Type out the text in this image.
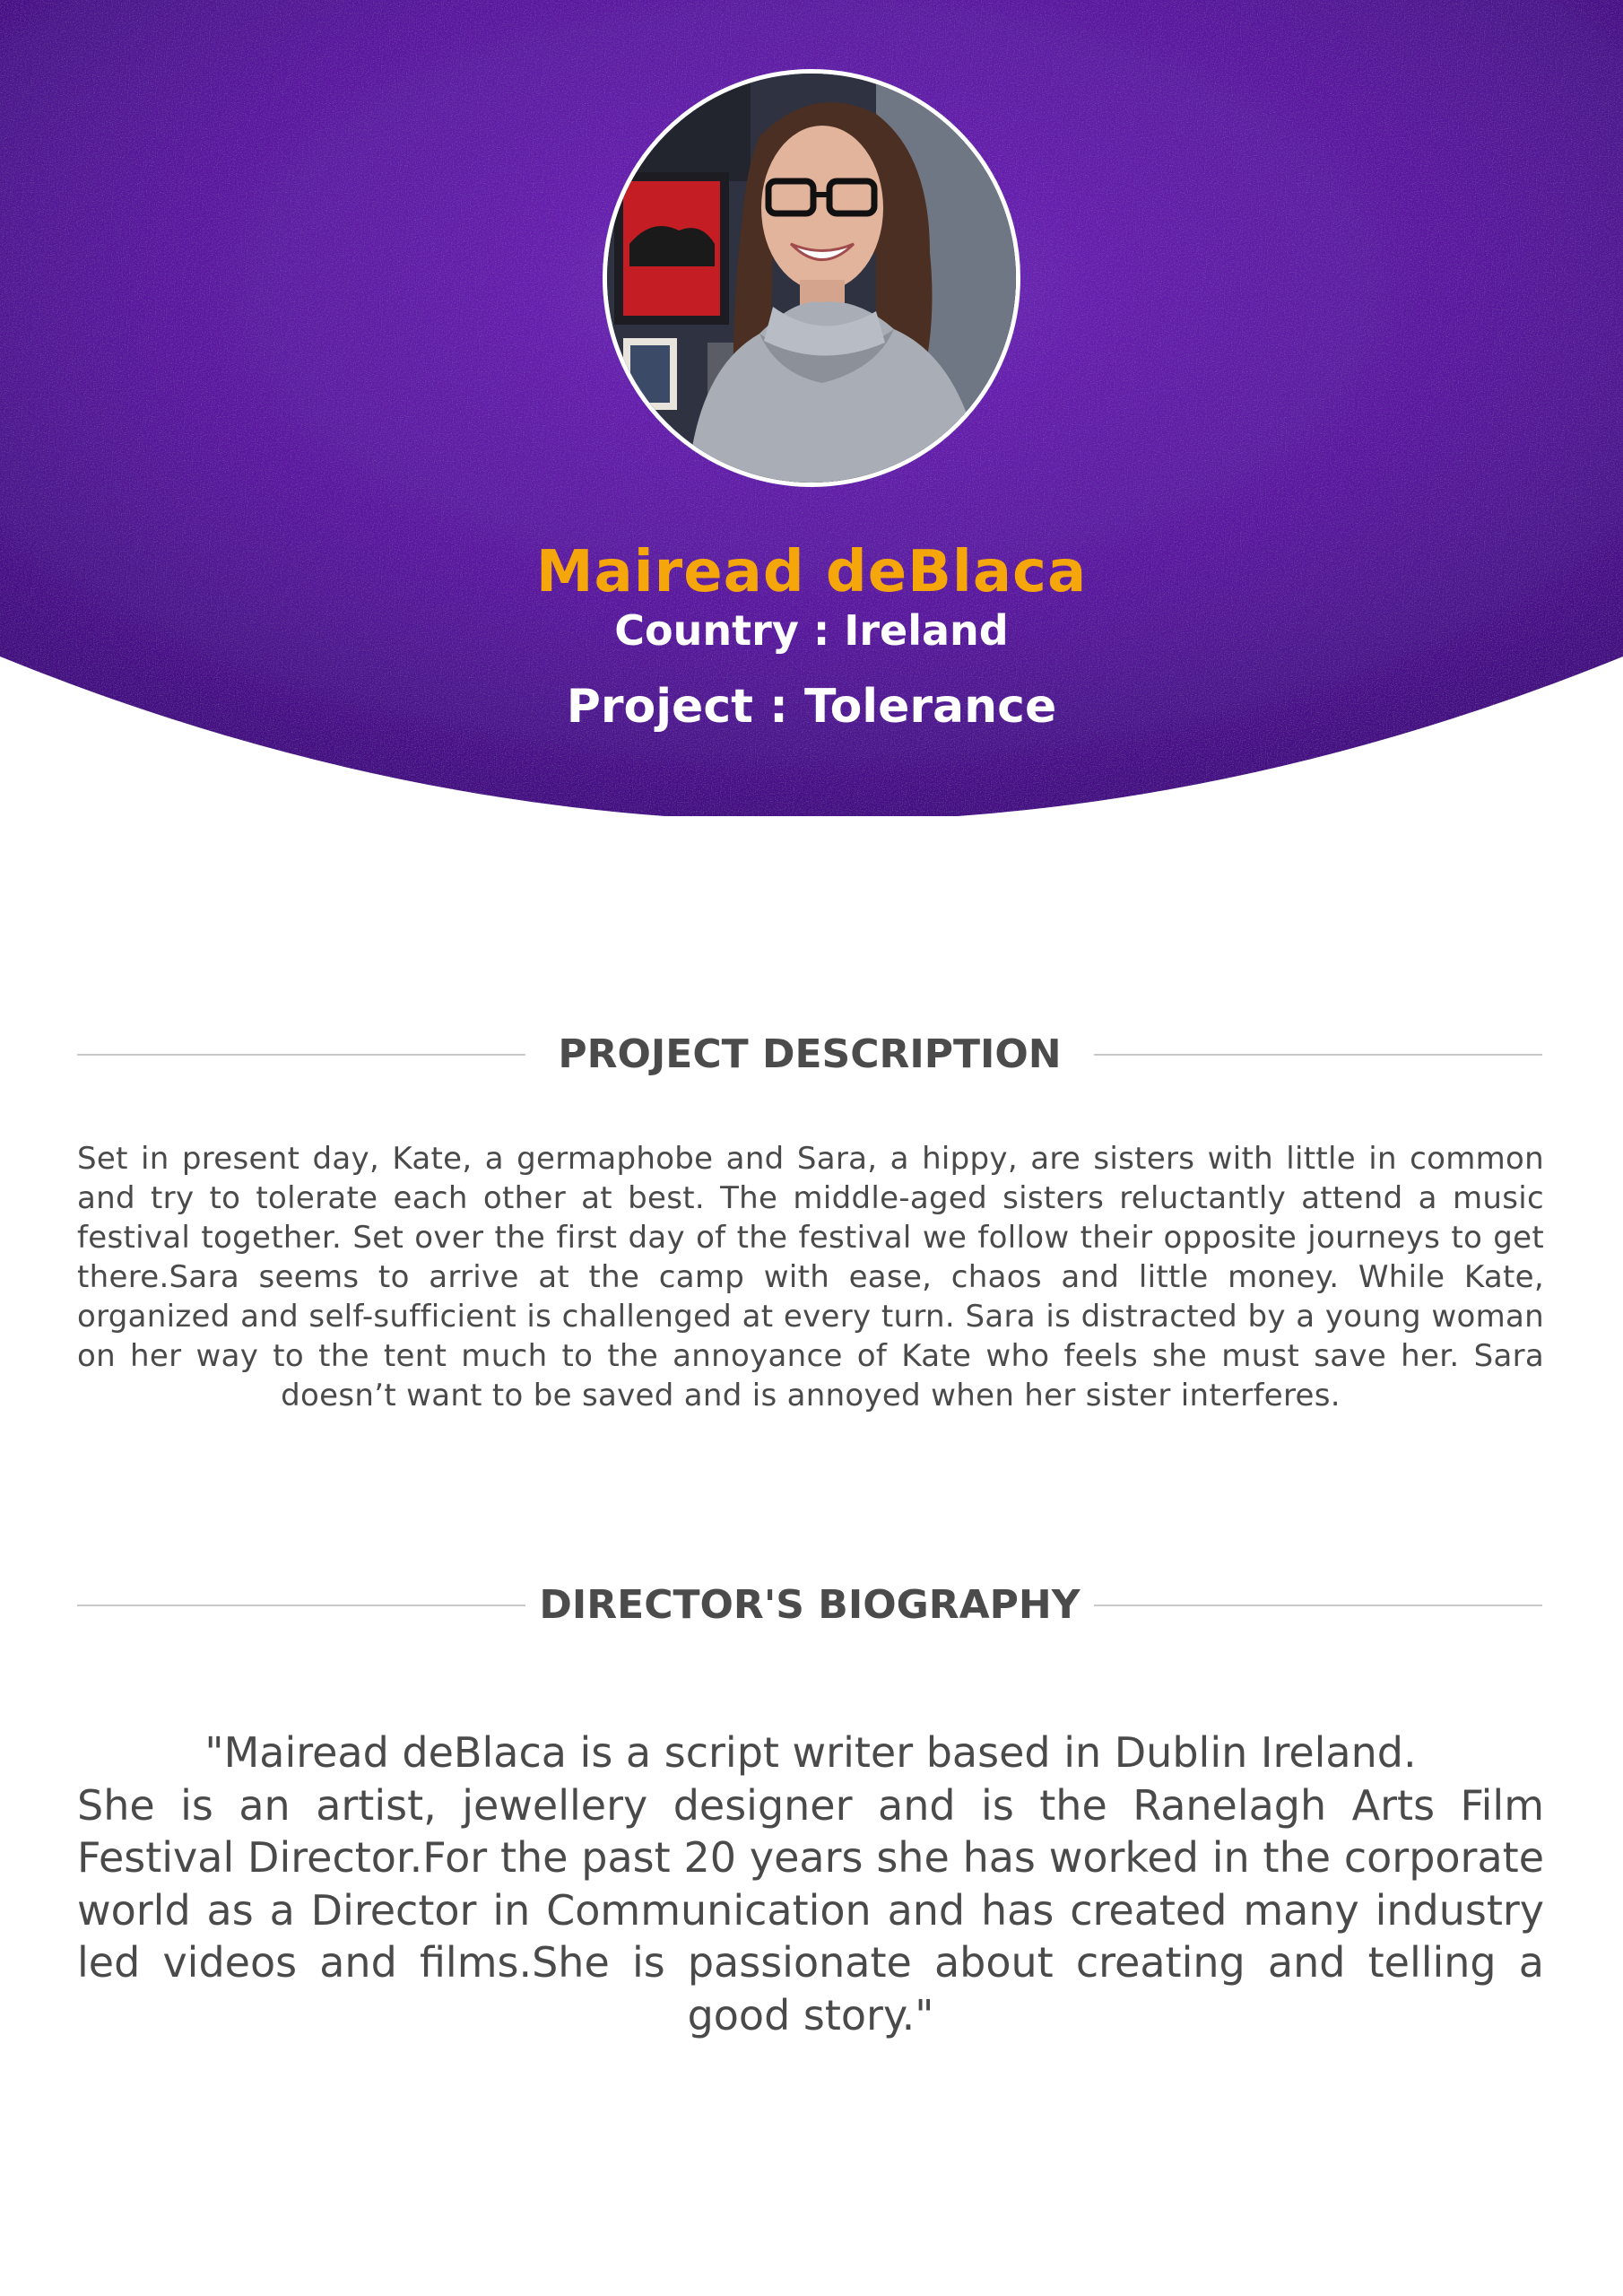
Mairead deBlaca
Country : Ireland
Project : Tolerance
PROJECT DESCRIPTION
Set in present day, Kate, a germaphobe and Sara, a hippy, are sisters with little in common and try to tolerate each other at best. The middle-aged sisters reluctantly attend a music festival together. Set over the first day of the festival we follow their opposite journeys to get there.Sara seems to arrive at the camp with ease, chaos and little money. While Kate, organized and self-sufficient is challenged at every turn. Sara is distracted by a young woman on her way to the tent much to the annoyance of Kate who feels she must save her. Sara doesn’t want to be saved and is annoyed when her sister interferes.
DIRECTOR'S BIOGRAPHY
"Mairead deBlaca is a script writer based in Dublin Ireland.
She is an artist, jewellery designer and is the Ranelagh Arts Film Festival Director.For the past 20 years she has worked in the corporate world as a Director in Communication and has created many industry led videos and films.She is passionate about creating and telling a good story."
